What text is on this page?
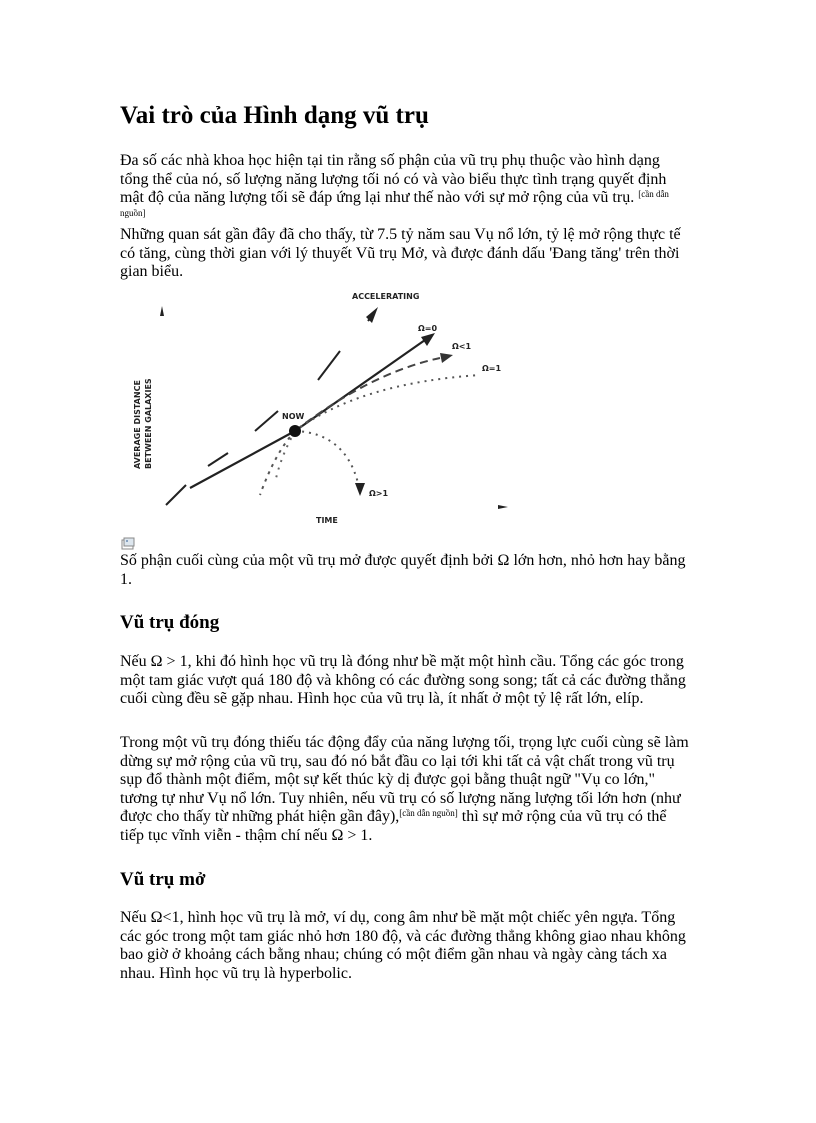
Vai trò của Hình dạng vũ trụ

Đa số các nhà khoa học hiện tại tin rằng số phận của vũ trụ phụ thuộc vào hình dạng tổng thể của nó, số lượng năng lượng tối nó có và vào biểu thực tình trạng quyết định mật độ của năng lượng tối sẽ đáp ứng lại như thế nào với sự mở rộng của vũ trụ. [cần dẫn nguồn]
Những quan sát gần đây đã cho thấy, từ 7.5 tỷ năm sau Vụ nổ lớn, tỷ lệ mở rộng thực tế có tăng, cùng thời gian với lý thuyết Vũ trụ Mở, và được đánh dấu 'Đang tăng' trên thời gian biểu.

ACCELERATING
Ω=0
Ω<1
Ω=1
Ω>1
NOW
TIME
AVERAGE DISTANCE BETWEEN GALAXIES

Số phận cuối cùng của một vũ trụ mở được quyết định bởi Ω lớn hơn, nhỏ hơn hay bằng 1.

Vũ trụ đóng

Nếu Ω > 1, khi đó hình học vũ trụ là đóng như bề mặt một hình cầu. Tổng các góc trong một tam giác vượt quá 180 độ và không có các đường song song; tất cả các đường thẳng cuối cùng đều sẽ gặp nhau. Hình học của vũ trụ là, ít nhất ở một tỷ lệ rất lớn, elíp.

Trong một vũ trụ đóng thiếu tác động đẩy của năng lượng tối, trọng lực cuối cùng sẽ làm dừng sự mở rộng của vũ trụ, sau đó nó bắt đầu co lại tới khi tất cả vật chất trong vũ trụ sụp đổ thành một điểm, một sự kết thúc kỳ dị được gọi bằng thuật ngữ "Vụ co lớn," tương tự như Vụ nổ lớn. Tuy nhiên, nếu vũ trụ có số lượng năng lượng tối lớn hơn (như được cho thấy từ những phát hiện gần đây),[cần dẫn nguồn] thì sự mở rộng của vũ trụ có thể tiếp tục vĩnh viễn - thậm chí nếu Ω > 1.

Vũ trụ mở

Nếu Ω<1, hình học vũ trụ là mở, ví dụ, cong âm như bề mặt một chiếc yên ngựa. Tổng các góc trong một tam giác nhỏ hơn 180 độ, và các đường thẳng không giao nhau không bao giờ ở khoảng cách bằng nhau; chúng có một điểm gần nhau và ngày càng tách xa nhau. Hình học vũ trụ là hyperbolic.
